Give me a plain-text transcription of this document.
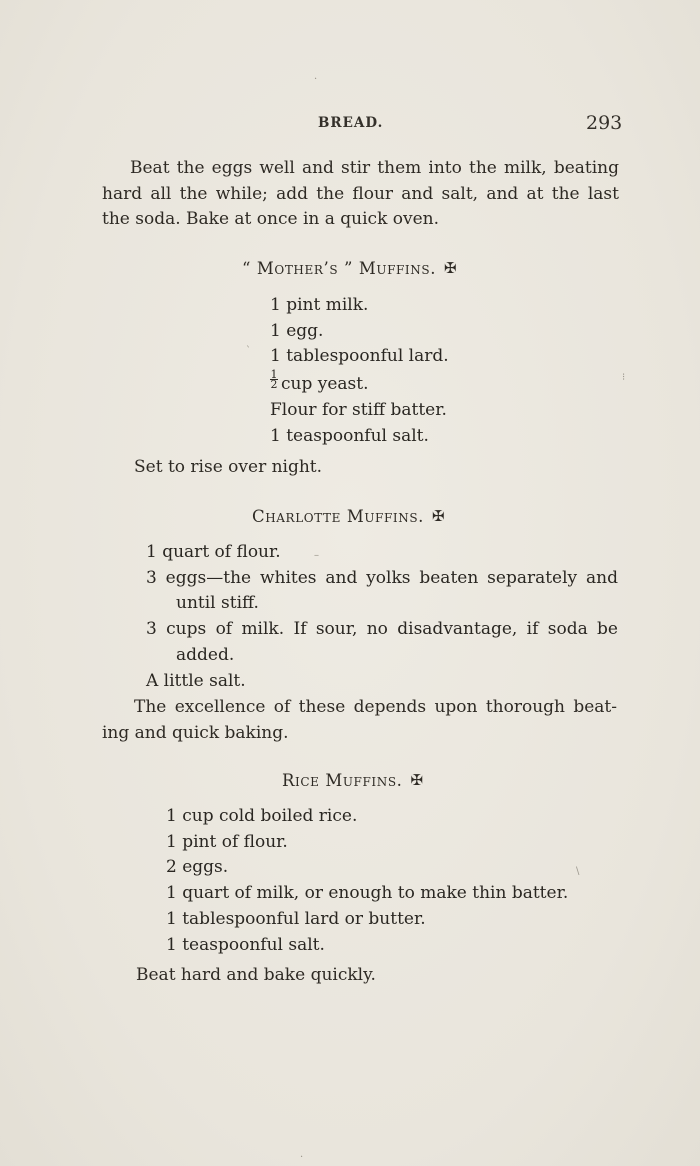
·
`
⁝
–
\
·
BREAD.	293
Beat the eggs well and stir them into the milk, beating
hard all the while; add the flour and salt, and at the last
the soda. Bake at once in a quick oven.
“ Mother’s ” Muffins. ✠
1 pint milk.
1 egg.
1 tablespoonful lard.
$\frac{1}{2}$ cup yeast.
Flour for stiff batter.
1 teaspoonful salt.
Set to rise over night.
Charlotte Muffins. ✠
1 quart of flour.
3 eggs—the whites and yolks beaten separately and
until stiff.
3 cups of milk. If sour, no disadvantage, if soda be
added.
A little salt.
The excellence of these depends upon thorough beat-
ing and quick baking.
Rice Muffins. ✠
1 cup cold boiled rice.
1 pint of flour.
2 eggs.
1 quart of milk, or enough to make thin batter.
1 tablespoonful lard or butter.
1 teaspoonful salt.
Beat hard and bake quickly.
